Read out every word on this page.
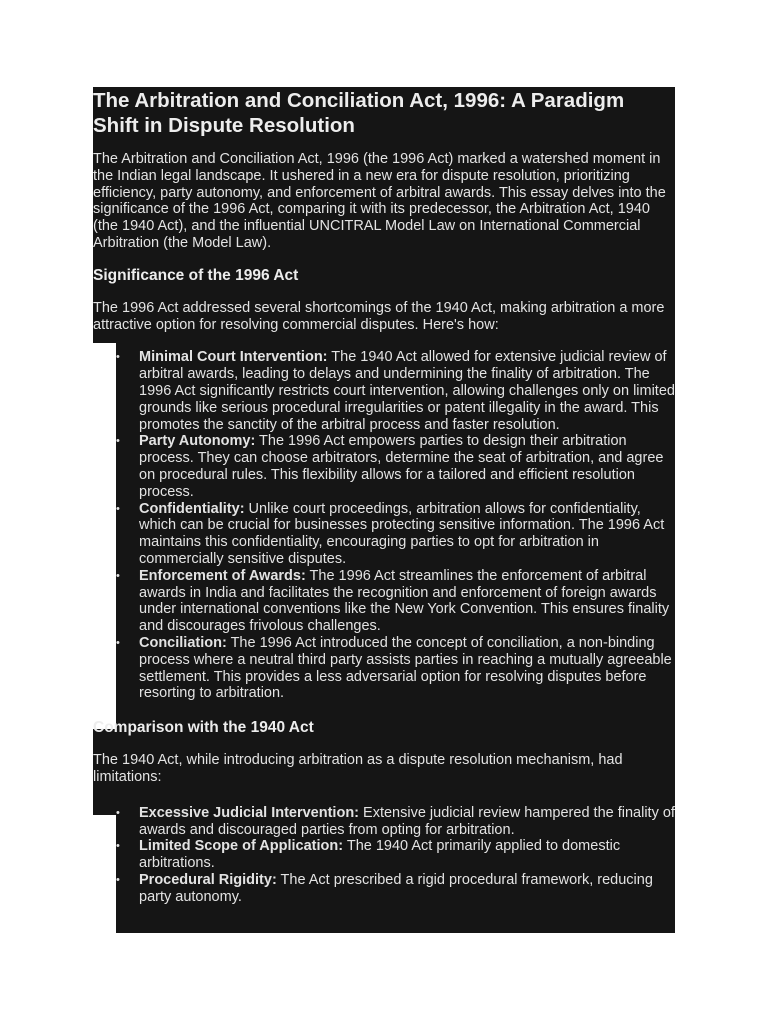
The Arbitration and Conciliation Act, 1996: A Paradigm Shift in Dispute Resolution

The Arbitration and Conciliation Act, 1996 (the 1996 Act) marked a watershed moment in the Indian legal landscape. It ushered in a new era for dispute resolution, prioritizing efficiency, party autonomy, and enforcement of arbitral awards. This essay delves into the significance of the 1996 Act, comparing it with its predecessor, the Arbitration Act, 1940 (the 1940 Act), and the influential UNCITRAL Model Law on International Commercial Arbitration (the Model Law).

Significance of the 1996 Act

The 1996 Act addressed several shortcomings of the 1940 Act, making arbitration a more attractive option for resolving commercial disputes. Here's how:

• Minimal Court Intervention: The 1940 Act allowed for extensive judicial review of arbitral awards, leading to delays and undermining the finality of arbitration. The 1996 Act significantly restricts court intervention, allowing challenges only on limited grounds like serious procedural irregularities or patent illegality in the award. This promotes the sanctity of the arbitral process and faster resolution.
• Party Autonomy: The 1996 Act empowers parties to design their arbitration process. They can choose arbitrators, determine the seat of arbitration, and agree on procedural rules. This flexibility allows for a tailored and efficient resolution process.
• Confidentiality: Unlike court proceedings, arbitration allows for confidentiality, which can be crucial for businesses protecting sensitive information. The 1996 Act maintains this confidentiality, encouraging parties to opt for arbitration in commercially sensitive disputes.
• Enforcement of Awards: The 1996 Act streamlines the enforcement of arbitral awards in India and facilitates the recognition and enforcement of foreign awards under international conventions like the New York Convention. This ensures finality and discourages frivolous challenges.
• Conciliation: The 1996 Act introduced the concept of conciliation, a non-binding process where a neutral third party assists parties in reaching a mutually agreeable settlement. This provides a less adversarial option for resolving disputes before resorting to arbitration.
Comparison with the 1940 Act

The 1940 Act, while introducing arbitration as a dispute resolution mechanism, had limitations:

• Excessive Judicial Intervention: Extensive judicial review hampered the finality of awards and discouraged parties from opting for arbitration.
• Limited Scope of Application: The 1940 Act primarily applied to domestic arbitrations.
• Procedural Rigidity: The Act prescribed a rigid procedural framework, reducing party autonomy.
